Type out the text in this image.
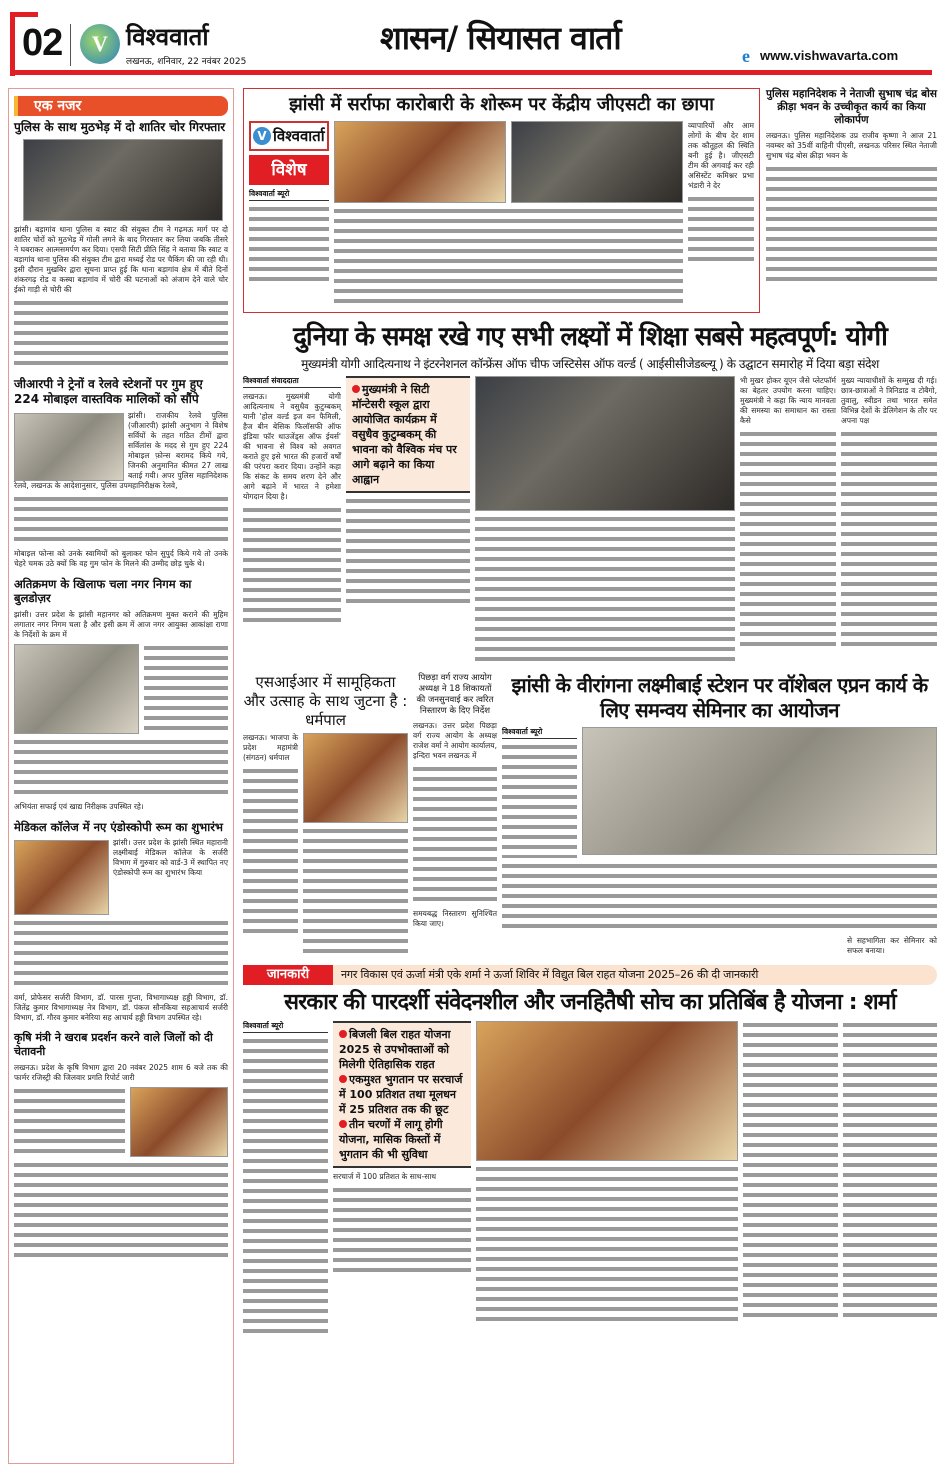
02	V विश्ववार्ता
लखनऊ, शनिवार, 22 नवंबर 2025
शासन/ सियासत वार्ता	e www.vishwavarta.com
एक नजर
पुलिस के साथ मुठभेड़ में दो शातिर चोर गिरफ्तार
झांसी। बड़ागांव थाना पुलिस व स्वाट की संयुक्त टीम ने गढ़मऊ मार्ग पर दो शातिर चोरों को मुठभेड़ में गोली लगने के बाद गिरफ्तार कर लिया जबकि तीसरे ने घबराकर आत्मसमर्पण कर दिया। एसपी सिटी प्रीति सिंह ने बताया कि स्वाट व बड़ागांव थाना पुलिस की संयुक्त टीम द्वारा मध्यई रोड पर चैकिंग की जा रही थी। इसी दौरान मुखबिर द्वारा सूचना प्राप्त हुई कि थाना बड़ागांव क्षेत्र में बीते दिनों शंकरगढ़ रोड व कस्बा बड़ागांव में चोरी की घटनाओं को अंजाम देने वाले चोर ईको गाड़ी से चोरी की
जीआरपी ने ट्रेनों व रेलवे स्टेशनों पर गुम हुए 224 मोबाइल वास्तविक मालिकों को सौंपे
झांसी। राजकीय रेलवे पुलिस (जीआरपी) झांसी अनुभाग ने विशेष सर्वियों के तहत गठित टीमों द्वारा सर्विलांस के मदद से गुम हुए 224 मोबाइल फ़ोन्स बरामद किये गये, जिनकी अनुमानित कीमत 27 लाख बताई गयी। अपर पुलिस महानिदेशक रेलवे, लखनऊ के आदेशानुसार, पुलिस उपमहानिरीक्षक रेलवे,
मोबाइल फोन्स को उनके स्वामियों को बुलाकर फोन सुपुर्द किये गये तो उनके चेहरे चमक उठे क्यों कि वह गुम फोन के मिलने की उम्मीद छोड़ चुके थे।
अतिक्रमण के खिलाफ चला नगर निगम का बुलडोज़र
झांसी। उत्तर प्रदेश के झांसी महानगर को अतिक्रमण मुक्त कराने की मुहिम लगातार नगर निगम चला है और इसी क्रम में आज नगर आयुक्त आकांक्षा राणा के निर्देशों के क्रम में
अभियंता सफाई एवं खाद्य निरीक्षक उपस्थित रहे।
मेडिकल कॉलेज में नए एंडोस्कोपी रूम का शुभारंभ
झांसी। उत्तर प्रदेश के झांसी स्थित महारानी लक्ष्मीबाई मेडिकल कॉलेज के सर्जरी विभाग में गुरुवार को वार्ड-3 में स्थापित नए एंडोस्कोपी रूम का शुभारंभ किया
वर्मा, प्रोफेसर सर्जरी विभाग, डॉ. पारस गुप्ता, विभागाध्यक्ष हड्डी विभाग, डॉ. जितेंद्र कुमार विभागाध्यक्ष नेत्र विभाग, डॉ. पंकज सौनकिया सहआचार्य सर्जरी विभाग, डॉ. गौरव कुमार बनेरिया सह आचार्य हड्डी विभाग उपस्थित रहे।
कृषि मंत्री ने खराब प्रदर्शन करने वाले जिलों को दी चेतावनी
लखनऊ। प्रदेश के कृषि विभाग द्वारा 20 नवंबर 2025 शाम 6 बजे तक की फार्मर रजिस्ट्री की जिलवार प्रगति रिपोर्ट जारी
झांसी में सर्राफा कारोबारी के शोरूम पर केंद्रीय जीएसटी का छापा
V विश्ववार्ता
विशेष
विश्ववार्ता ब्यूरो
व्यापारियों और आम लोगों के बीच देर शाम तक कौतूहल की स्थिति बनी हुई है। जीएसटी टीम की अगवाई कर रही असिस्टेंट कमिश्नर प्रभा भंडारी ने देर
पुलिस महानिदेशक ने नेताजी सुभाष चंद्र बोस क्रीड़ा भवन के उच्चीकृत कार्य का किया लोकार्पण
लखनऊ। पुलिस महानिदेशक उप्र राजीव कृष्णा ने आज 21 नवम्बर को 35वीं वाहिनी पीएसी, लखनऊ परिसर स्थित नेताजी सुभाष चंद्र बोस क्रीड़ा भवन के
दुनिया के समक्ष रखे गए सभी लक्ष्यों में शिक्षा सबसे महत्वपूर्ण: योगी
मुख्यमंत्री योगी आदित्यनाथ ने इंटरनेशनल कॉन्फ्रेंस ऑफ चीफ जस्टिसेस ऑफ वर्ल्ड ( आईसीसीजेडब्ल्यू ) के उद्घाटन समारोह में दिया बड़ा संदेश
विश्ववार्ता संवाददाता
लखनऊ। मुख्यमंत्री योगी आदित्यनाथ ने वसुधैव कुटुम्बकम् यानी 'होल वर्ल्ड इज वन फैमिली, हैज बीन बेसिक फिलॉसफी ऑफ इंडिया फॉर थाउजेंड्स ऑफ ईयर्स' की भावना से विश्व को अवगत कराते हुए इसे भारत की हजारों वर्षों की परंपरा करार दिया। उन्होंने कहा कि संकट के समय शरण देने और आगे बढ़ाने में भारत ने हमेशा योगदान दिया है।
मुख्यमंत्री ने सिटी मॉन्टेसरी स्कूल द्वारा आयोजित कार्यक्रम में वसुधैव कुटुम्बकम् की भावना को वैश्विक मंच पर आगे बढ़ाने का किया आह्वान
भी मुखर होकर यूएन जैसे प्लेटफॉर्म का बेहतर उपयोग करना चाहिए। मुख्यमंत्री ने कहा कि न्याय मानवता की समस्या का समाधान का रास्ता कैसे
मुख्य न्यायाधीशों के सम्मुख दी गई। छात्र-छात्राओं ने त्रिनिडाड व टोबैगो, तुवालु, स्वीडन तथा भारत समेत विभिन्न देशों के डेलिगेशन के तौर पर अपना पक्ष
एसआईआर में सामूहिकता और उत्साह के साथ जुटना है : धर्मपाल
लखनऊ। भाजपा के प्रदेश महामंत्री (संगठन) धर्मपाल
पिछड़ा वर्ग राज्य आयोग अध्यक्ष ने 18 शिकायतों की जनसुनवाई कर त्वरित निस्तारण के दिए निर्देश
लखनऊ। उत्तर प्रदेश पिछड़ा वर्ग राज्य आयोग के अध्यक्ष राजेश वर्मा ने आयोग कार्यालय, इन्दिरा भवन लखनऊ में
समयबद्ध निस्तारण सुनिश्चित किया जाए।
झांसी के वीरांगना लक्ष्मीबाई स्टेशन पर वॉशेबल एप्रन कार्य के लिए समन्वय सेमिनार का आयोजन
विश्ववार्ता ब्यूरो
से सहभागिता कर सेमिनार को सफल बनाया।
जानकारी	नगर विकास एवं ऊर्जा मंत्री एके शर्मा ने ऊर्जा शिविर में विद्युत बिल राहत योजना 2025–26 की दी जानकारी
सरकार की पारदर्शी संवेदनशील और जनहितैषी सोच का प्रतिबिंब है योजना : शर्मा
विश्ववार्ता ब्यूरो
बिजली बिल राहत योजना 2025 से उपभोक्ताओं को मिलेगी ऐतिहासिक राहत
एकमुश्त भुगतान पर सरचार्ज में 100 प्रतिशत तथा मूलधन में 25 प्रतिशत तक की छूट
तीन चरणों में लागू होगी योजना, मासिक किस्तों में भुगतान की भी सुविधा
सरचार्ज में 100 प्रतिशत के साथ-साथ
